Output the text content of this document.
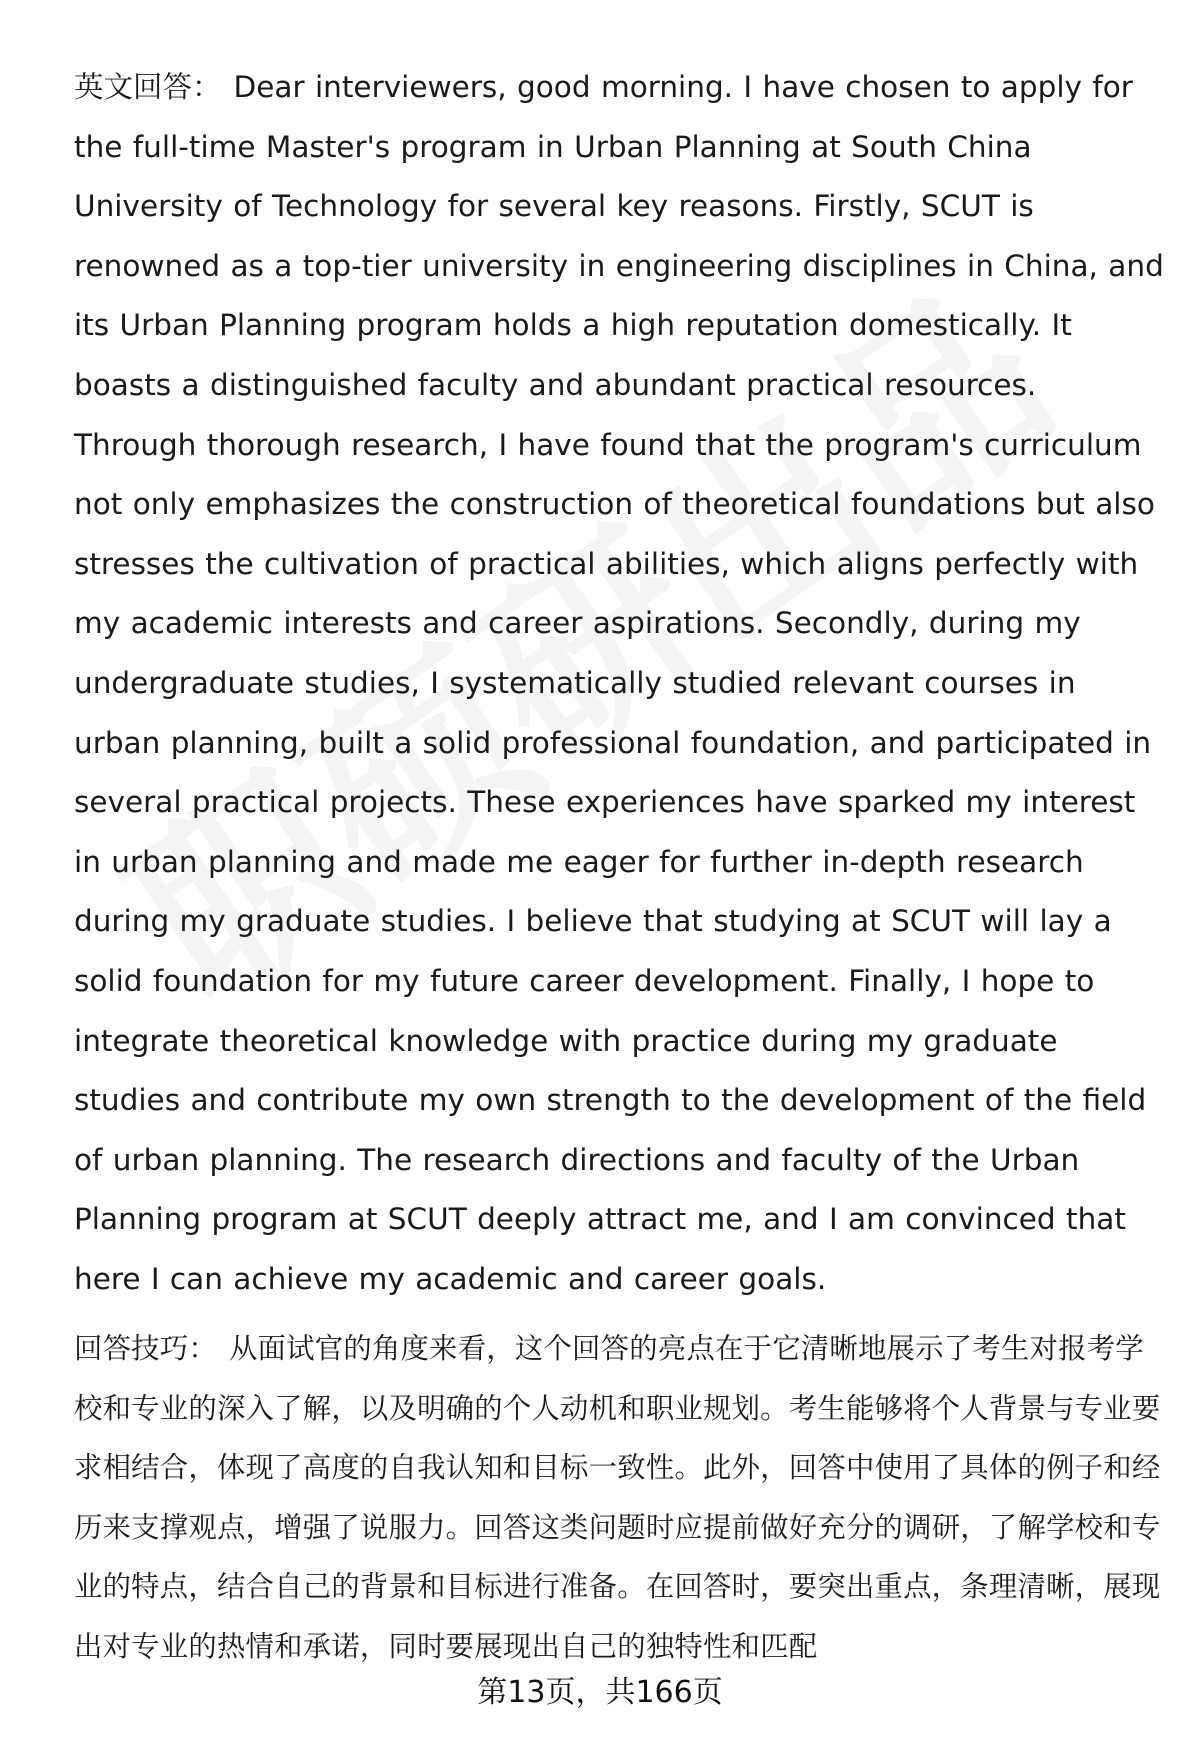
英文回答： Dear interviewers, good morning. I have chosen to apply for the full-time Master's program in Urban Planning at South China University of Technology for several key reasons. Firstly, SCUT is renowned as a top-tier university in engineering disciplines in China, and its Urban Planning program holds a high reputation domestically. It boasts a distinguished faculty and abundant practical resources. Through thorough research, I have found that the program's curriculum not only emphasizes the construction of theoretical foundations but also stresses the cultivation of practical abilities, which aligns perfectly with my academic interests and career aspirations. Secondly, during my undergraduate studies, I systematically studied relevant courses in urban planning, built a solid professional foundation, and participated in several practical projects. These experiences have sparked my interest in urban planning and made me eager for further in-depth research during my graduate studies. I believe that studying at SCUT will lay a solid foundation for my future career development. Finally, I hope to integrate theoretical knowledge with practice during my graduate studies and contribute my own strength to the development of the field of urban planning. The research directions and faculty of the Urban Planning program at SCUT deeply attract me, and I am convinced that here I can achieve my academic and career goals.

回答技巧： 从面试官的角度来看，这个回答的亮点在于它清晰地展示了考生对报考学校和专业的深入了解，以及明确的个人动机和职业规划。考生能够将个人背景与专业要求相结合，体现了高度的自我认知和目标一致性。此外，回答中使用了具体的例子和经历来支撑观点，增强了说服力。回答这类问题时应提前做好充分的调研，了解学校和专业的特点，结合自己的背景和目标进行准备。在回答时，要突出重点，条理清晰，展现出对专业的热情和承诺，同时要展现出自己的独特性和匹配

第13页，共166页
